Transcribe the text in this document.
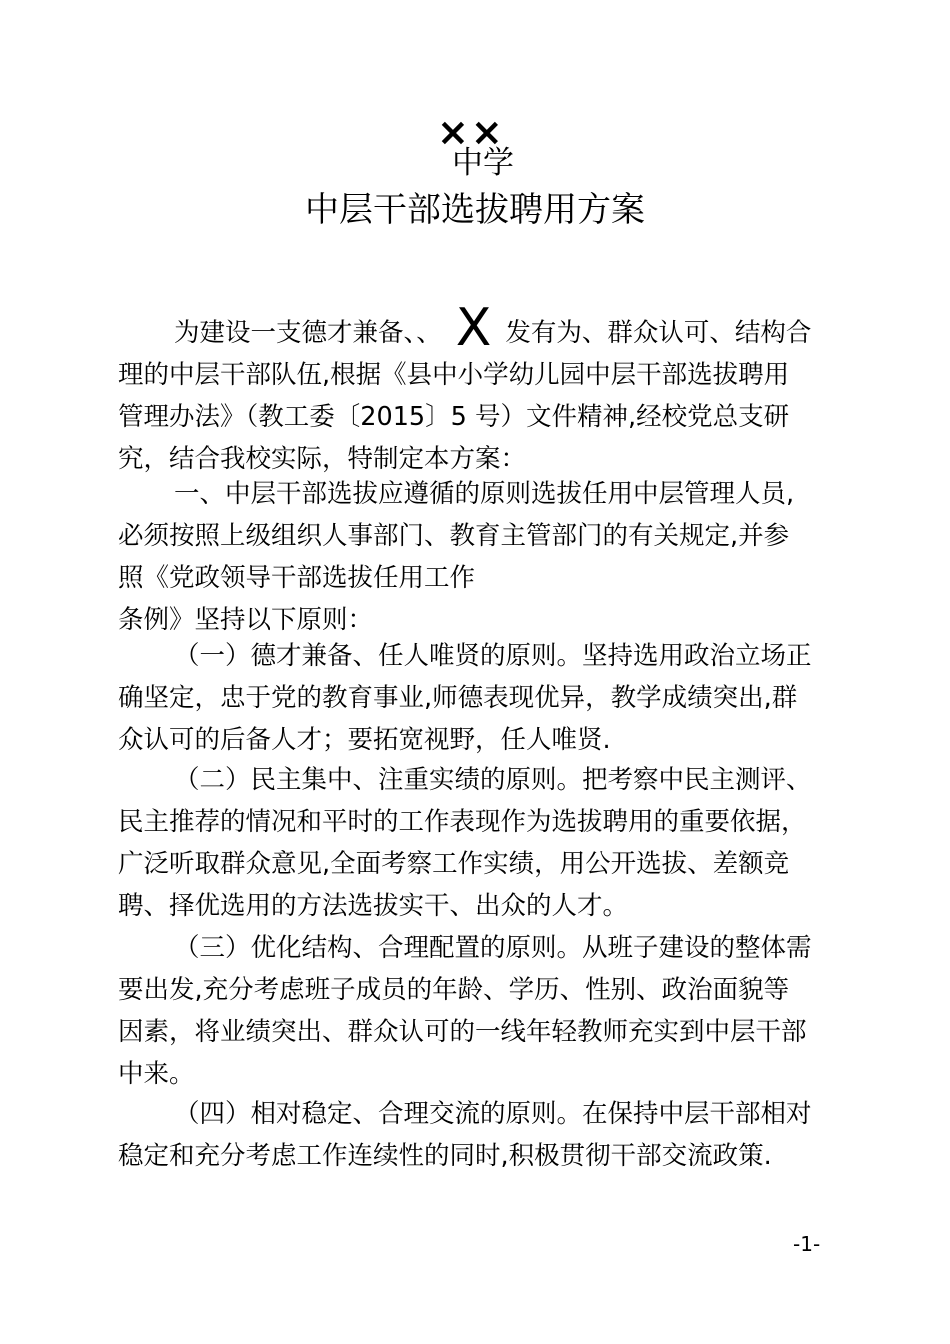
××
中学
中层干部选拔聘用方案
为建设一支德才兼备、、 X 发有为、群众认可、结构合
理的中层干部队伍,根据《县中小学幼儿园中层干部选拔聘用
管理办法》（教工委〔2015〕5 号）文件精神,经校党总支研
究，结合我校实际，特制定本方案：
一、中层干部选拔应遵循的原则选拔任用中层管理人员,
必须按照上级组织人事部门、教育主管部门的有关规定,并参
照《党政领导干部选拔任用工作
条例》坚持以下原则：
（一）德才兼备、任人唯贤的原则。坚持选用政治立场正
确坚定，忠于党的教育事业,师德表现优异，教学成绩突出,群
众认可的后备人才；要拓宽视野，任人唯贤.
（二）民主集中、注重实绩的原则。把考察中民主测评、
民主推荐的情况和平时的工作表现作为选拔聘用的重要依据，
广泛听取群众意见,全面考察工作实绩，用公开选拔、差额竞
聘、择优选用的方法选拔实干、出众的人才。
（三）优化结构、合理配置的原则。从班子建设的整体需
要出发,充分考虑班子成员的年龄、学历、性别、政治面貌等
因素，将业绩突出、群众认可的一线年轻教师充实到中层干部
中来。
（四）相对稳定、合理交流的原则。在保持中层干部相对
稳定和充分考虑工作连续性的同时,积极贯彻干部交流政策.
-1-
